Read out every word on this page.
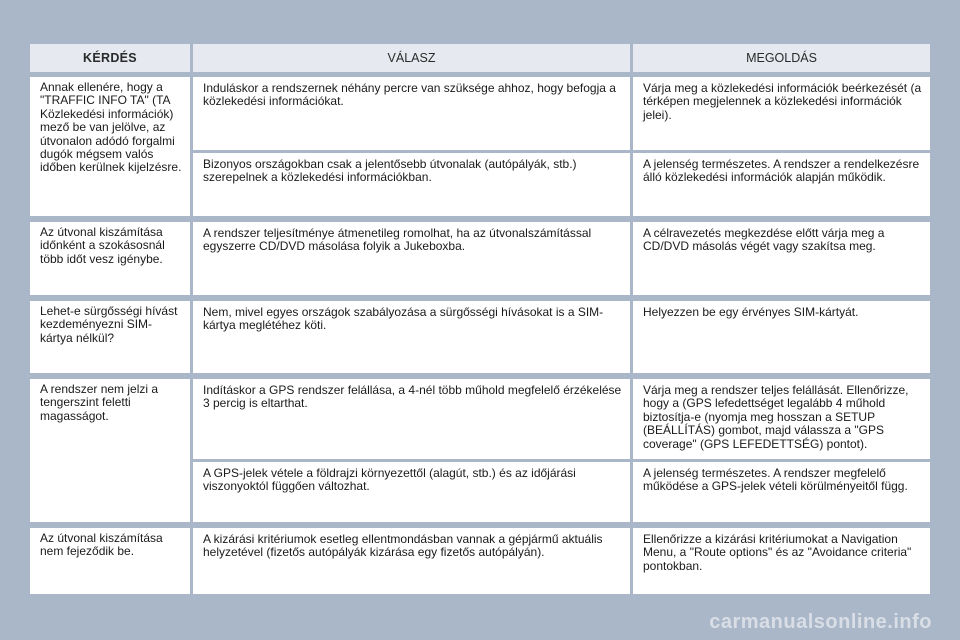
KÉRDÉS	VÁLASZ	MEGOLDÁS
Annak ellenére, hogy a "TRAFFIC INFO TA" (TA Közlekedési információk) mező be van jelölve, az útvonalon adódó forgalmi dugók mégsem valós időben kerülnek kijelzésre.
Induláskor a rendszernek néhány percre van szüksége ahhoz, hogy befogja a közlekedési információkat.
Várja meg a közlekedési információk beérkezését (a térképen megjelennek a közlekedési információk jelei).
Bizonyos országokban csak a jelentősebb útvonalak (autópályák, stb.) szerepelnek a közlekedési információkban.
A jelenség természetes. A rendszer a rendelkezésre álló közlekedési információk alapján működik.
Az útvonal kiszámítása időnként a szokásosnál több időt vesz igénybe.
A rendszer teljesítménye átmenetileg romolhat, ha az útvonalszámítással egyszerre CD/DVD másolása folyik a Jukeboxba.
A célravezetés megkezdése előtt várja meg a CD/DVD másolás végét vagy szakítsa meg.
Lehet-e sürgősségi hívást kezdeményezni SIM-kártya nélkül?
Nem, mivel egyes országok szabályozása a sürgősségi hívásokat is a SIM-kártya meglétéhez köti.
Helyezzen be egy érvényes SIM-kártyát.
A rendszer nem jelzi a tengerszint feletti magasságot.
Indításkor a GPS rendszer felállása, a 4-nél több műhold megfelelő érzékelése 3 percig is eltarthat.
Várja meg a rendszer teljes felállását. Ellenőrizze, hogy a (GPS lefedettséget legalább 4 műhold biztosítja-e (nyomja meg hosszan a SETUP (BEÁLLÍTÁS) gombot, majd válassza a "GPS coverage" (GPS LEFEDETTSÉG) pontot).
A GPS-jelek vétele a földrajzi környezettől (alagút, stb.) és az időjárási viszonyoktól függően változhat.
A jelenség természetes. A rendszer megfelelő működése a GPS-jelek vételi körülményeitől függ.
Az útvonal kiszámítása nem fejeződik be.
A kizárási kritériumok esetleg ellentmondásban vannak a gépjármű aktuális helyzetével (fizetős autópályák kizárása egy fizetős autópályán).
Ellenőrizze a kizárási kritériumokat a Navigation Menu, a "Route options" és az "Avoidance criteria" pontokban.
carmanualsonline.info
